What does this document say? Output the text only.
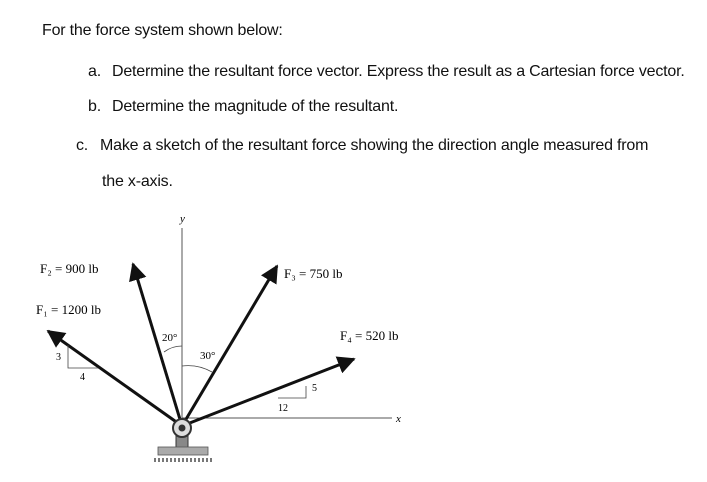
For the force system shown below:
a. Determine the resultant force vector. Express the result as a Cartesian force vector.
b. Determine the magnitude of the resultant.
c. Make a sketch of the resultant force showing the direction angle measured from
the x-axis.
y
x
3
4
F₁ = 1200 lb
F₂ = 900 lb
20°
F₃ = 750 lb
30°
5
12
F₄ = 520 lb
